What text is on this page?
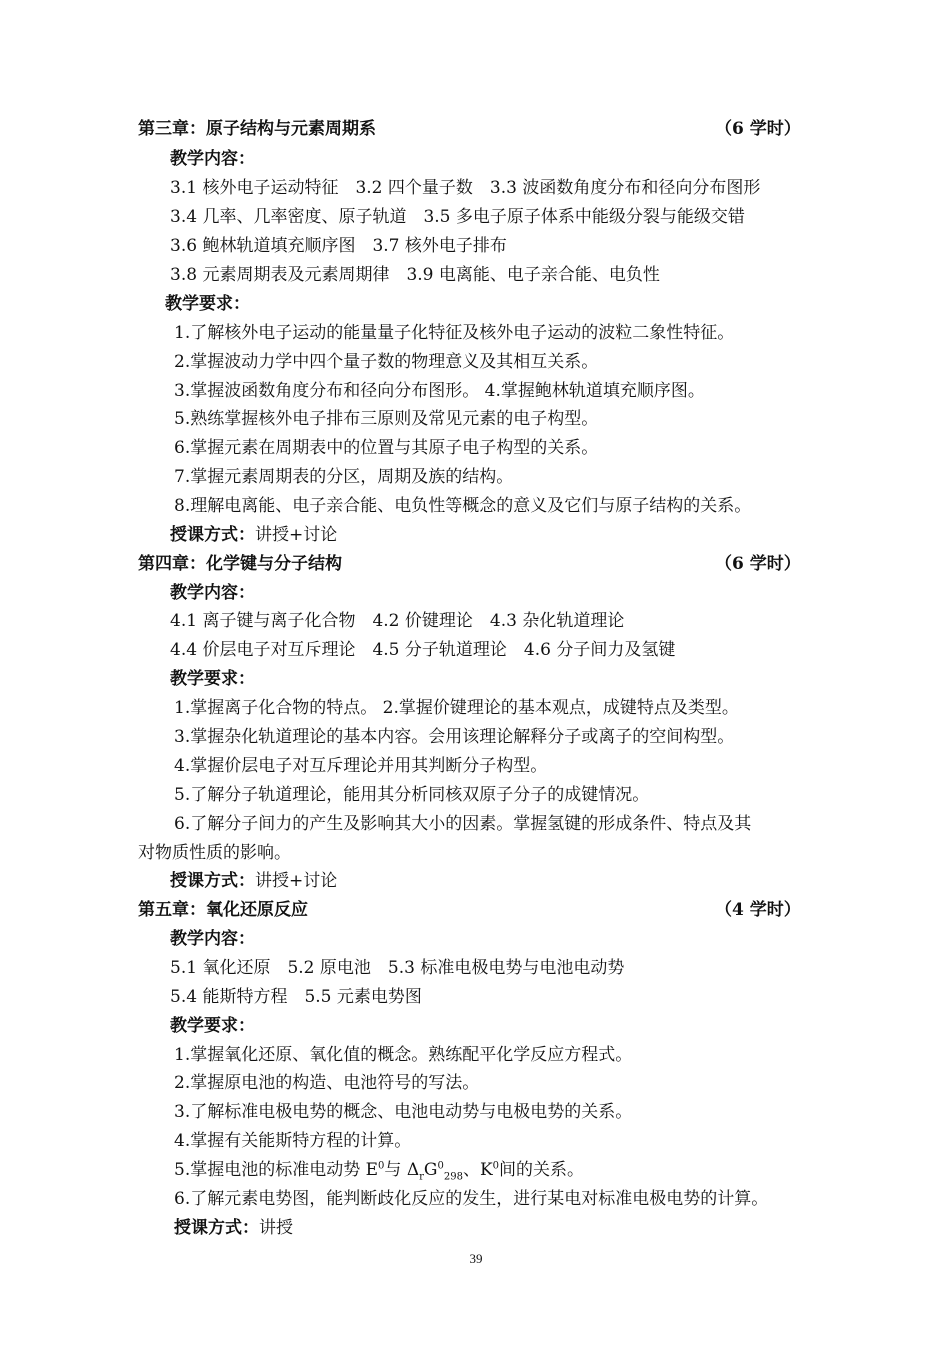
第三章：原子结构与元素周期系	（6 学时）
教学内容：
3.1 核外电子运动特征　3.2 四个量子数　3.3 波函数角度分布和径向分布图形
3.4 几率、几率密度、原子轨道　3.5 多电子原子体系中能级分裂与能级交错
3.6 鲍林轨道填充顺序图　3.7 核外电子排布
3.8 元素周期表及元素周期律　3.9 电离能、电子亲合能、电负性
教学要求：
1.了解核外电子运动的能量量子化特征及核外电子运动的波粒二象性特征。
2.掌握波动力学中四个量子数的物理意义及其相互关系。
3.掌握波函数角度分布和径向分布图形。 4.掌握鲍林轨道填充顺序图。
5.熟练掌握核外电子排布三原则及常见元素的电子构型。
6.掌握元素在周期表中的位置与其原子电子构型的关系。
7.掌握元素周期表的分区，周期及族的结构。
8.理解电离能、电子亲合能、电负性等概念的意义及它们与原子结构的关系。
授课方式：讲授+讨论
第四章：化学键与分子结构	（6 学时）
教学内容：
4.1 离子键与离子化合物　4.2 价键理论　4.3 杂化轨道理论
4.4 价层电子对互斥理论　4.5 分子轨道理论　4.6 分子间力及氢键
教学要求：
1.掌握离子化合物的特点。 2.掌握价键理论的基本观点，成键特点及类型。
3.掌握杂化轨道理论的基本内容。会用该理论解释分子或离子的空间构型。
4.掌握价层电子对互斥理论并用其判断分子构型。
5.了解分子轨道理论，能用其分析同核双原子分子的成键情况。
6.了解分子间力的产生及影响其大小的因素。掌握氢键的形成条件、特点及其
对物质性质的影响。
授课方式：讲授+讨论
第五章：氧化还原反应	（4 学时）
教学内容：
5.1 氧化还原　5.2 原电池　5.3 标准电极电势与电池电动势
5.4 能斯特方程　5.5 元素电势图
教学要求：
1.掌握氧化还原、氧化值的概念。熟练配平化学反应方程式。
2.掌握原电池的构造、电池符号的写法。
3.了解标准电极电势的概念、电池电动势与电极电势的关系。
4.掌握有关能斯特方程的计算。
5.掌握电池的标准电动势 $E^0$与 $\Delta_rG^0_{298}$、$K^0$间的关系。
6.了解元素电势图，能判断歧化反应的发生，进行某电对标准电极电势的计算。
授课方式：讲授
39
